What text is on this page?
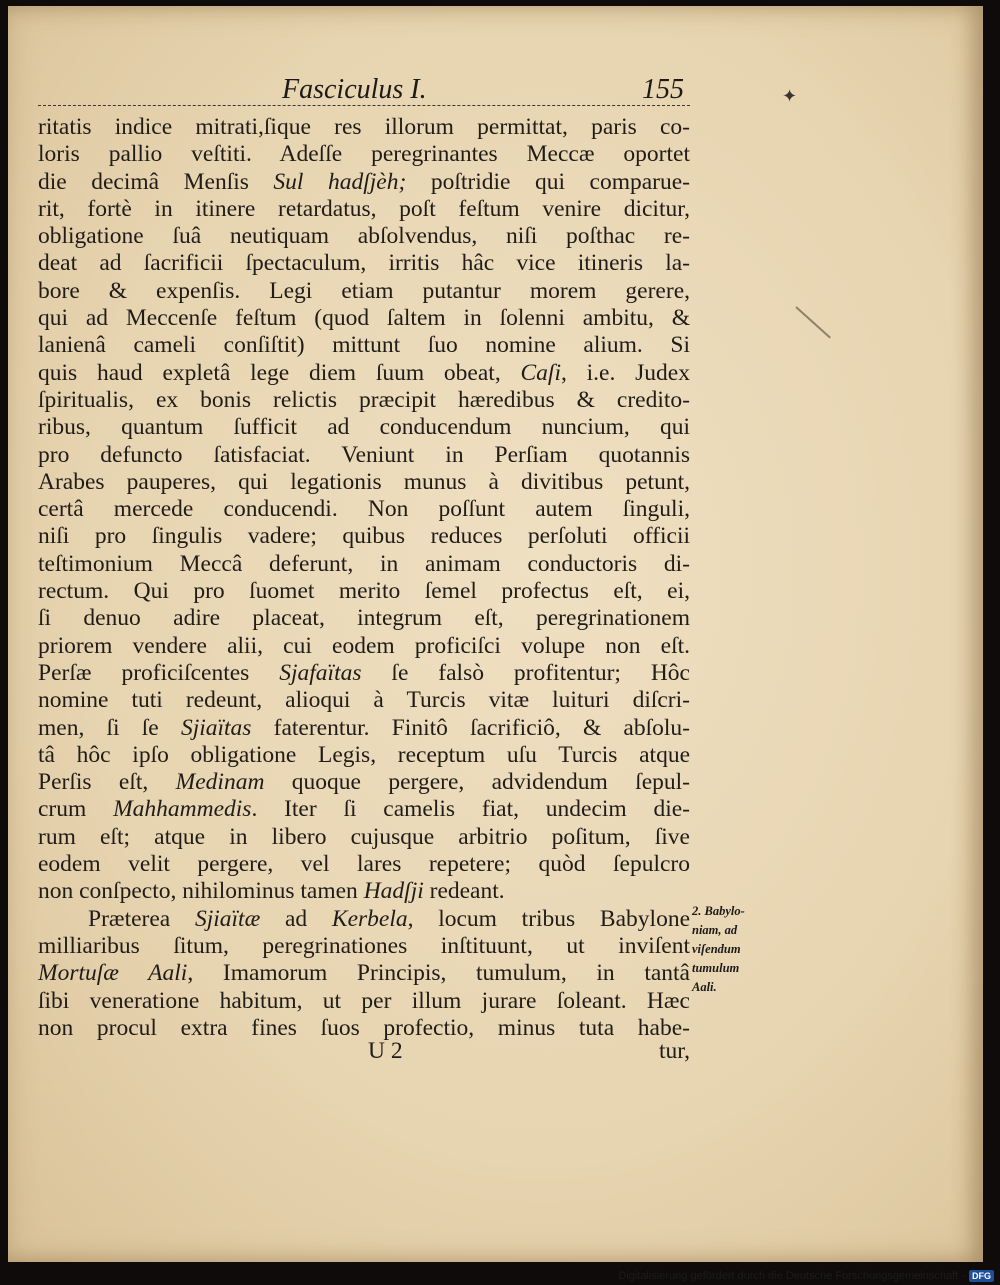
Fasciculus I.	155	✦
ritatis indice mitrati,ſique res illorum permittat, paris co-
loris pallio veſtiti. Adeſſe peregrinantes Meccæ oportet
die decimâ Menſis Sul hadſjèh; poſtridie qui comparue-
rit, fortè in itinere retardatus, poſt feſtum venire dicitur,
obligatione ſuâ neutiquam abſolvendus, niſi poſthac re-
deat ad ſacrificii ſpectaculum, irritis hâc vice itineris la-
bore & expenſis. Legi etiam putantur morem gerere,
qui ad Meccenſe feſtum (quod ſaltem in ſolenni ambitu, &
lanienâ cameli conſiſtit) mittunt ſuo nomine alium. Si
quis haud expletâ lege diem ſuum obeat, Caſi, i.e. Judex
ſpiritualis, ex bonis relictis præcipit hæredibus & credito-
ribus, quantum ſufficit ad conducendum nuncium, qui
pro defuncto ſatisfaciat. Veniunt in Perſiam quotannis
Arabes pauperes, qui legationis munus à divitibus petunt,
certâ mercede conducendi. Non poſſunt autem ſinguli,
niſi pro ſingulis vadere; quibus reduces perſoluti officii
teſtimonium Meccâ deferunt, in animam conductoris di-
rectum. Qui pro ſuomet merito ſemel profectus eſt, ei,
ſi denuo adire placeat, integrum eſt, peregrinationem
priorem vendere alii, cui eodem proficiſci volupe non eſt.
Perſæ proficiſcentes Sjafaïtas ſe falsò profitentur; Hôc
nomine tuti redeunt, alioqui à Turcis vitæ luituri diſcri-
men, ſi ſe Sjiaïtas faterentur. Finitô ſacrificiô, & abſolu-
tâ hôc ipſo obligatione Legis, receptum uſu Turcis atque
Perſis eſt, Medinam quoque pergere, advidendum ſepul-
crum Mahhammedis. Iter ſi camelis fiat, undecim die-
rum eſt; atque in libero cujusque arbitrio poſitum, ſive
eodem velit pergere, vel lares repetere; quòd ſepulcro
non conſpecto, nihilominus tamen Hadſji redeant.
Præterea Sjiaïtæ ad Kerbela, locum tribus Babylone
milliaribus ſitum, peregrinationes inſtituunt, ut inviſent
Mortuſæ Aali, Imamorum Principis, tumulum, in tantâ
ſibi veneratione habitum, ut per illum jurare ſoleant. Hæc
non procul extra fines ſuos profectio, minus tuta habe-
2. Babylo-
niam, ad
viſendum
tumulum
Aali.
U 2	tur,
Digitalisierung gefördert durch die Deutsche Forschungsgemeinschaft - DFG
